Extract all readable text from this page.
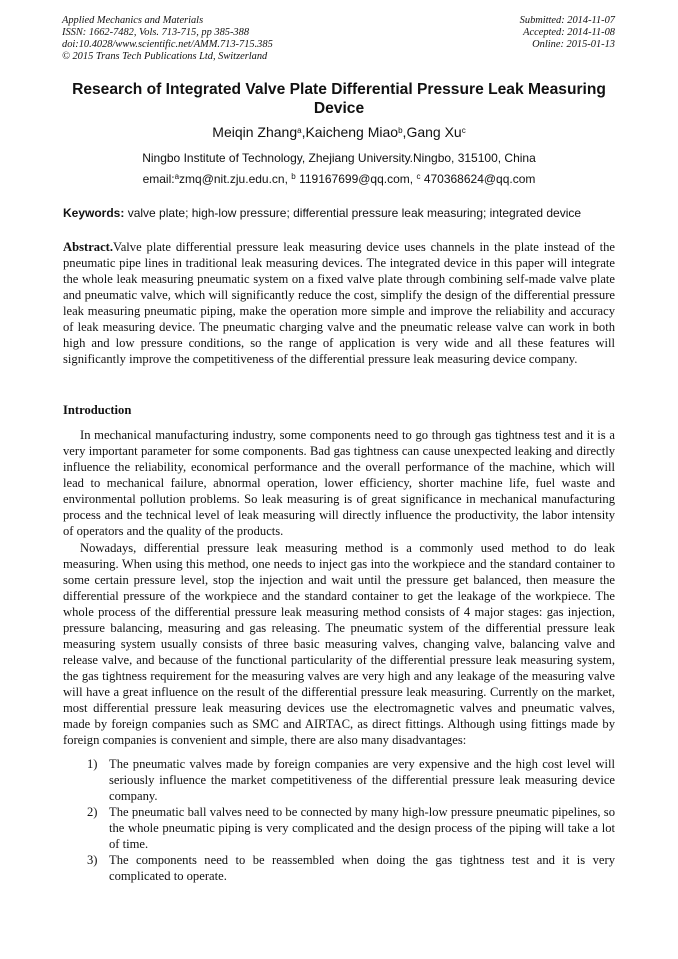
Applied Mechanics and Materials
ISSN: 1662-7482, Vols. 713-715, pp 385-388
doi:10.4028/www.scientific.net/AMM.713-715.385
© 2015 Trans Tech Publications Ltd, Switzerland
Submitted: 2014-11-07
Accepted: 2014-11-08
Online: 2015-01-13
Research of Integrated Valve Plate Differential Pressure Leak Measuring Device
Meiqin Zhang$^a$,Kaicheng Miao$^b$,Gang Xu$^c$
Ningbo Institute of Technology, Zhejiang University.Ningbo, 315100, China
email:$^a$zmq@nit.zju.edu.cn, $^b$ 119167699@qq.com, $^c$ 470368624@qq.com
Keywords: valve plate; high-low pressure; differential pressure leak measuring; integrated device
Abstract.Valve plate differential pressure leak measuring device uses channels in the plate instead of the pneumatic pipe lines in traditional leak measuring devices. The integrated device in this paper will integrate the whole leak measuring pneumatic system on a fixed valve plate through combining self-made valve plate and pneumatic valve, which will significantly reduce the cost, simplify the design of the differential pressure leak measuring pneumatic piping, make the operation more simple and improve the reliability and accuracy of leak measuring device. The pneumatic charging valve and the pneumatic release valve can work in both high and low pressure conditions, so the range of application is very wide and all these features will significantly improve the competitiveness of the differential pressure leak measuring device company.
Introduction
In mechanical manufacturing industry, some components need to go through gas tightness test and it is a very important parameter for some components. Bad gas tightness can cause unexpected leaking and directly influence the reliability, economical performance and the overall performance of the machine, which will lead to mechanical failure, abnormal operation, lower efficiency, shorter machine life, fuel waste and environmental pollution problems. So leak measuring is of great significance in mechanical manufacturing process and the technical level of leak measuring will directly influence the productivity, the labor intensity of operators and the quality of the products.
Nowadays, differential pressure leak measuring method is a commonly used method to do leak measuring. When using this method, one needs to inject gas into the workpiece and the standard container to some certain pressure level, stop the injection and wait until the pressure get balanced, then measure the differential pressure of the workpiece and the standard container to get the leakage of the workpiece. The whole process of the differential pressure leak measuring method consists of 4 major stages: gas injection, pressure balancing, measuring and gas releasing. The pneumatic system of the differential pressure leak measuring system usually consists of three basic measuring valves, changing valve, balancing valve and release valve, and because of the functional particularity of the differential pressure leak measuring system, the gas tightness requirement for the measuring valves are very high and any leakage of the measuring valve will have a great influence on the result of the differential pressure leak measuring. Currently on the market, most differential pressure leak measuring devices use the electromagnetic valves and pneumatic valves, made by foreign companies such as SMC and AIRTAC, as direct fittings. Although using fittings made by foreign companies is convenient and simple, there are also many disadvantages:
1) The pneumatic valves made by foreign companies are very expensive and the high cost level will seriously influence the market competitiveness of the differential pressure leak measuring device company.
2) The pneumatic ball valves need to be connected by many high-low pressure pneumatic pipelines, so the whole pneumatic piping is very complicated and the design process of the piping will take a lot of time.
3) The components need to be reassembled when doing the gas tightness test and it is very complicated to operate.
